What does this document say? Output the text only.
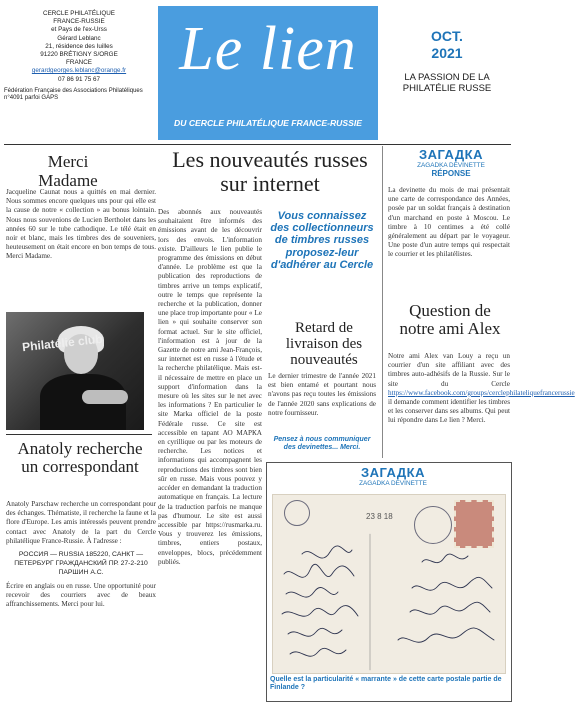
CERCLE PHILATÉLIQUE
FRANCE-RUSSIE
et Pays de l'ex-Urss
Gérard Leblanc
21, résidence des Iuilles
91220 BRÉTIGNY S/ORGE
FRANCE
gerardgeorges.leblanc@orange.fr
07 86 91 75 67
Fédération Française des Associations Philatéliques n°4091 parfoi GAPS
Le lien
DU CERCLE PHILATÉLIQUE FRANCE-RUSSIE
OCT.
2021
LA PASSION DE LA PHILATÉLIE RUSSE
Merci Madame
Jacqueline Caunat nous a quittés en mai dernier. Nous sommes encore quelques uns pour qui elle est la cause de notre « collection » au bonus lointain. Nous nous souvenions de Lucien Bertholet dans les années 60 sur le tube cathodique. Le télé était en noir et blanc, mais les timbres des de souveniers, heuteusement on était encore en bon temps de tous. Merci Madame.
Philatélie club
Anatoly recherche un correspondant
Anatoly Parschaw recherche un correspondant pour des échanges. Thématiste, il recherche la faune et la flore d'Europe. Les amis intéressés peuvent prendre contact avec Anatoly de la part du Cercle philatélique France-Russie. À l'adresse :
РОССИЯ — RUSSIA 185220, САНКТ — ПЕТЕРБУРГ ГРАЖДАНСКИЙ ПР. 27-2-210 ПАРШИН А.С.
Écrire en anglais ou en russe. Une opportunité pour recevoir des courriers avec de beaux affranchissements. Merci pour lui.
Les nouveautés russes sur internet
Des abonnés aux nouveautés souhaitaient être informés des émissions avant de les découvrir lors des envois. L'information existe. D'ailleurs le lien publie le programme des émissions en début d'année. Le problème est que la publication des reproductions de timbres arrive un temps explicatif, outre le temps que représente la recherche et la publication, donner une place trop importante pour « Le lien » qui souhaite conserver son format actuel. Sur le site officiel, l'information est à jour de la Gazette de notre ami Jean-François, sur internet est en russe à l'étude et la recherche philatélique. Mais est-il nécessaire de mettre en place un support d'information dans la mesure où les sites sur le net avec les informations ? En particulier le site Marka officiel de la poste Fédérale russe. Ce site est accessible en tapant АО МАРКА en cyrillique ou par les moteurs de recherche. Les notices et informations qui accompagnent les reproductions des timbres sont bien sûr en russe. Mais vous pouvez y accéder en demandant la traduction automatique en français. La lecture de la traduction parfois ne manque pas d'humour. Le site est aussi accessible par https://rusmarka.ru. Vous y trouverez les émissions, timbres, entiers postaux, enveloppes, blocs, précédemment publiés.
Vous connaissez des collectionneurs de timbres russes proposez-leur d'adhérer au Cercle
Retard de livraison des nouveautés
Le dernier trimestre de l'année 2021 est bien entamé et pourtant nous n'avons pas reçu toutes les émissions de l'année 2020 sans explications de notre fournisseur.
Pensez à nous communiquer des devinettes... Merci.
ЗАГАДКА
ZAGADKA DEVINETTE
RÉPONSE
La devinette du mois de mai présentait une carte de correspondance des Années, posée par un soldat français à destination d'un marchand en poste à Moscou. Le timbre à 10 centimes a été collé généralement au départ par le voyageur. Une poste d'un autre temps qui respectait le courrier et les philatélistes.
Question de notre ami Alex
Notre ami Alex van Louy a reçu un courrier d'un site affiliant avec des timbres auto-adhésifs de la Russie. Sur le site du Cercle https://www.facebook.com/groups/cerclephilateliquefrancerussie il demande comment identifier les timbres et les conserver dans ses albums. Qui peut lui répondre dans Le lien ? Merci.
ЗАГАДКА
ZAGADKA DEVINETTE
23 8 18
Quelle est la particularité « marrante » de cette carte postale partie de Finlande ?
